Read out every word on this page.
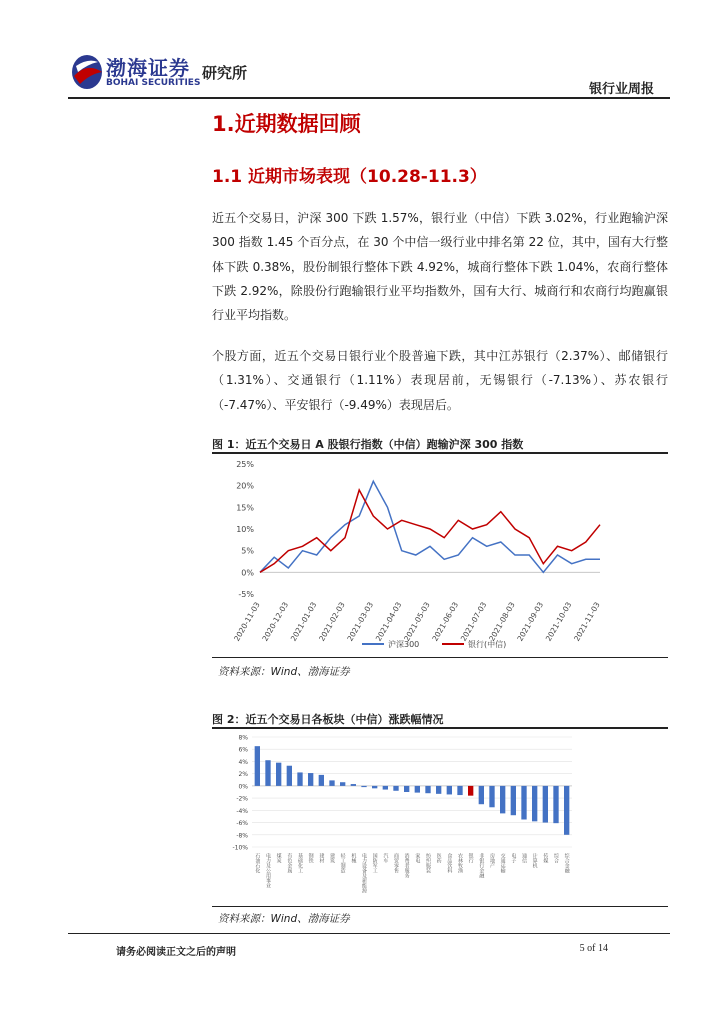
渤海证券
BOHAI SECURITIES
研究所
银行业周报
1.近期数据回顾
1.1 近期市场表现（10.28-11.3）
近五个交易日，沪深 300 下跌 1.57%，银行业（中信）下跌 3.02%，行业跑输沪深 300 指数 1.45 个百分点，在 30 个中信一级行业中排名第 22 位，其中，国有大行整体下跌 0.38%，股份制银行整体下跌 4.92%，城商行整体下跌 1.04%，农商行整体下跌 2.92%，除股份行跑输银行业平均指数外，国有大行、城商行和农商行均跑赢银行业平均指数。
个股方面，近五个交易日银行业个股普遍下跌，其中江苏银行（2.37%）、邮储银行（1.31%）、交通银行（1.11%）表现居前，无锡银行（-7.13%）、苏农银行（-7.47%）、平安银行（-9.49%）表现居后。
图 1：近五个交易日 A 股银行指数（中信）跑输沪深 300 指数
25%
20%
15%
10%
5%
0%
-5%
2020-11-03
2020-12-03
2021-01-03
2021-02-03
2021-03-03
2021-04-03
2021-05-03
2021-06-03
2021-07-03
2021-08-03
2021-09-03
2021-10-03
2021-11-03
沪深300	银行(中信)
资料来源：Wind、渤海证券
图 2：近五个交易日各板块（中信）涨跌幅情况
8%
6%
4%
2%
0%
-2%
-4%
-6%
-8%
-10%
石油石化 电力及公用事业 煤炭 有色金属 基础化工 钢铁 建材 建筑 轻工制造 机械 电力设备及新能源 国防军工 汽车 商贸零售 消费者服务 家电 纺织服装 医药 食品饮料 农林牧渔 银行 非银行金融 房地产 交通运输 电子 通信 计算机 传媒 综合 综合金融
资料来源：Wind、渤海证券
请务必阅读正文之后的声明	5 of 14
